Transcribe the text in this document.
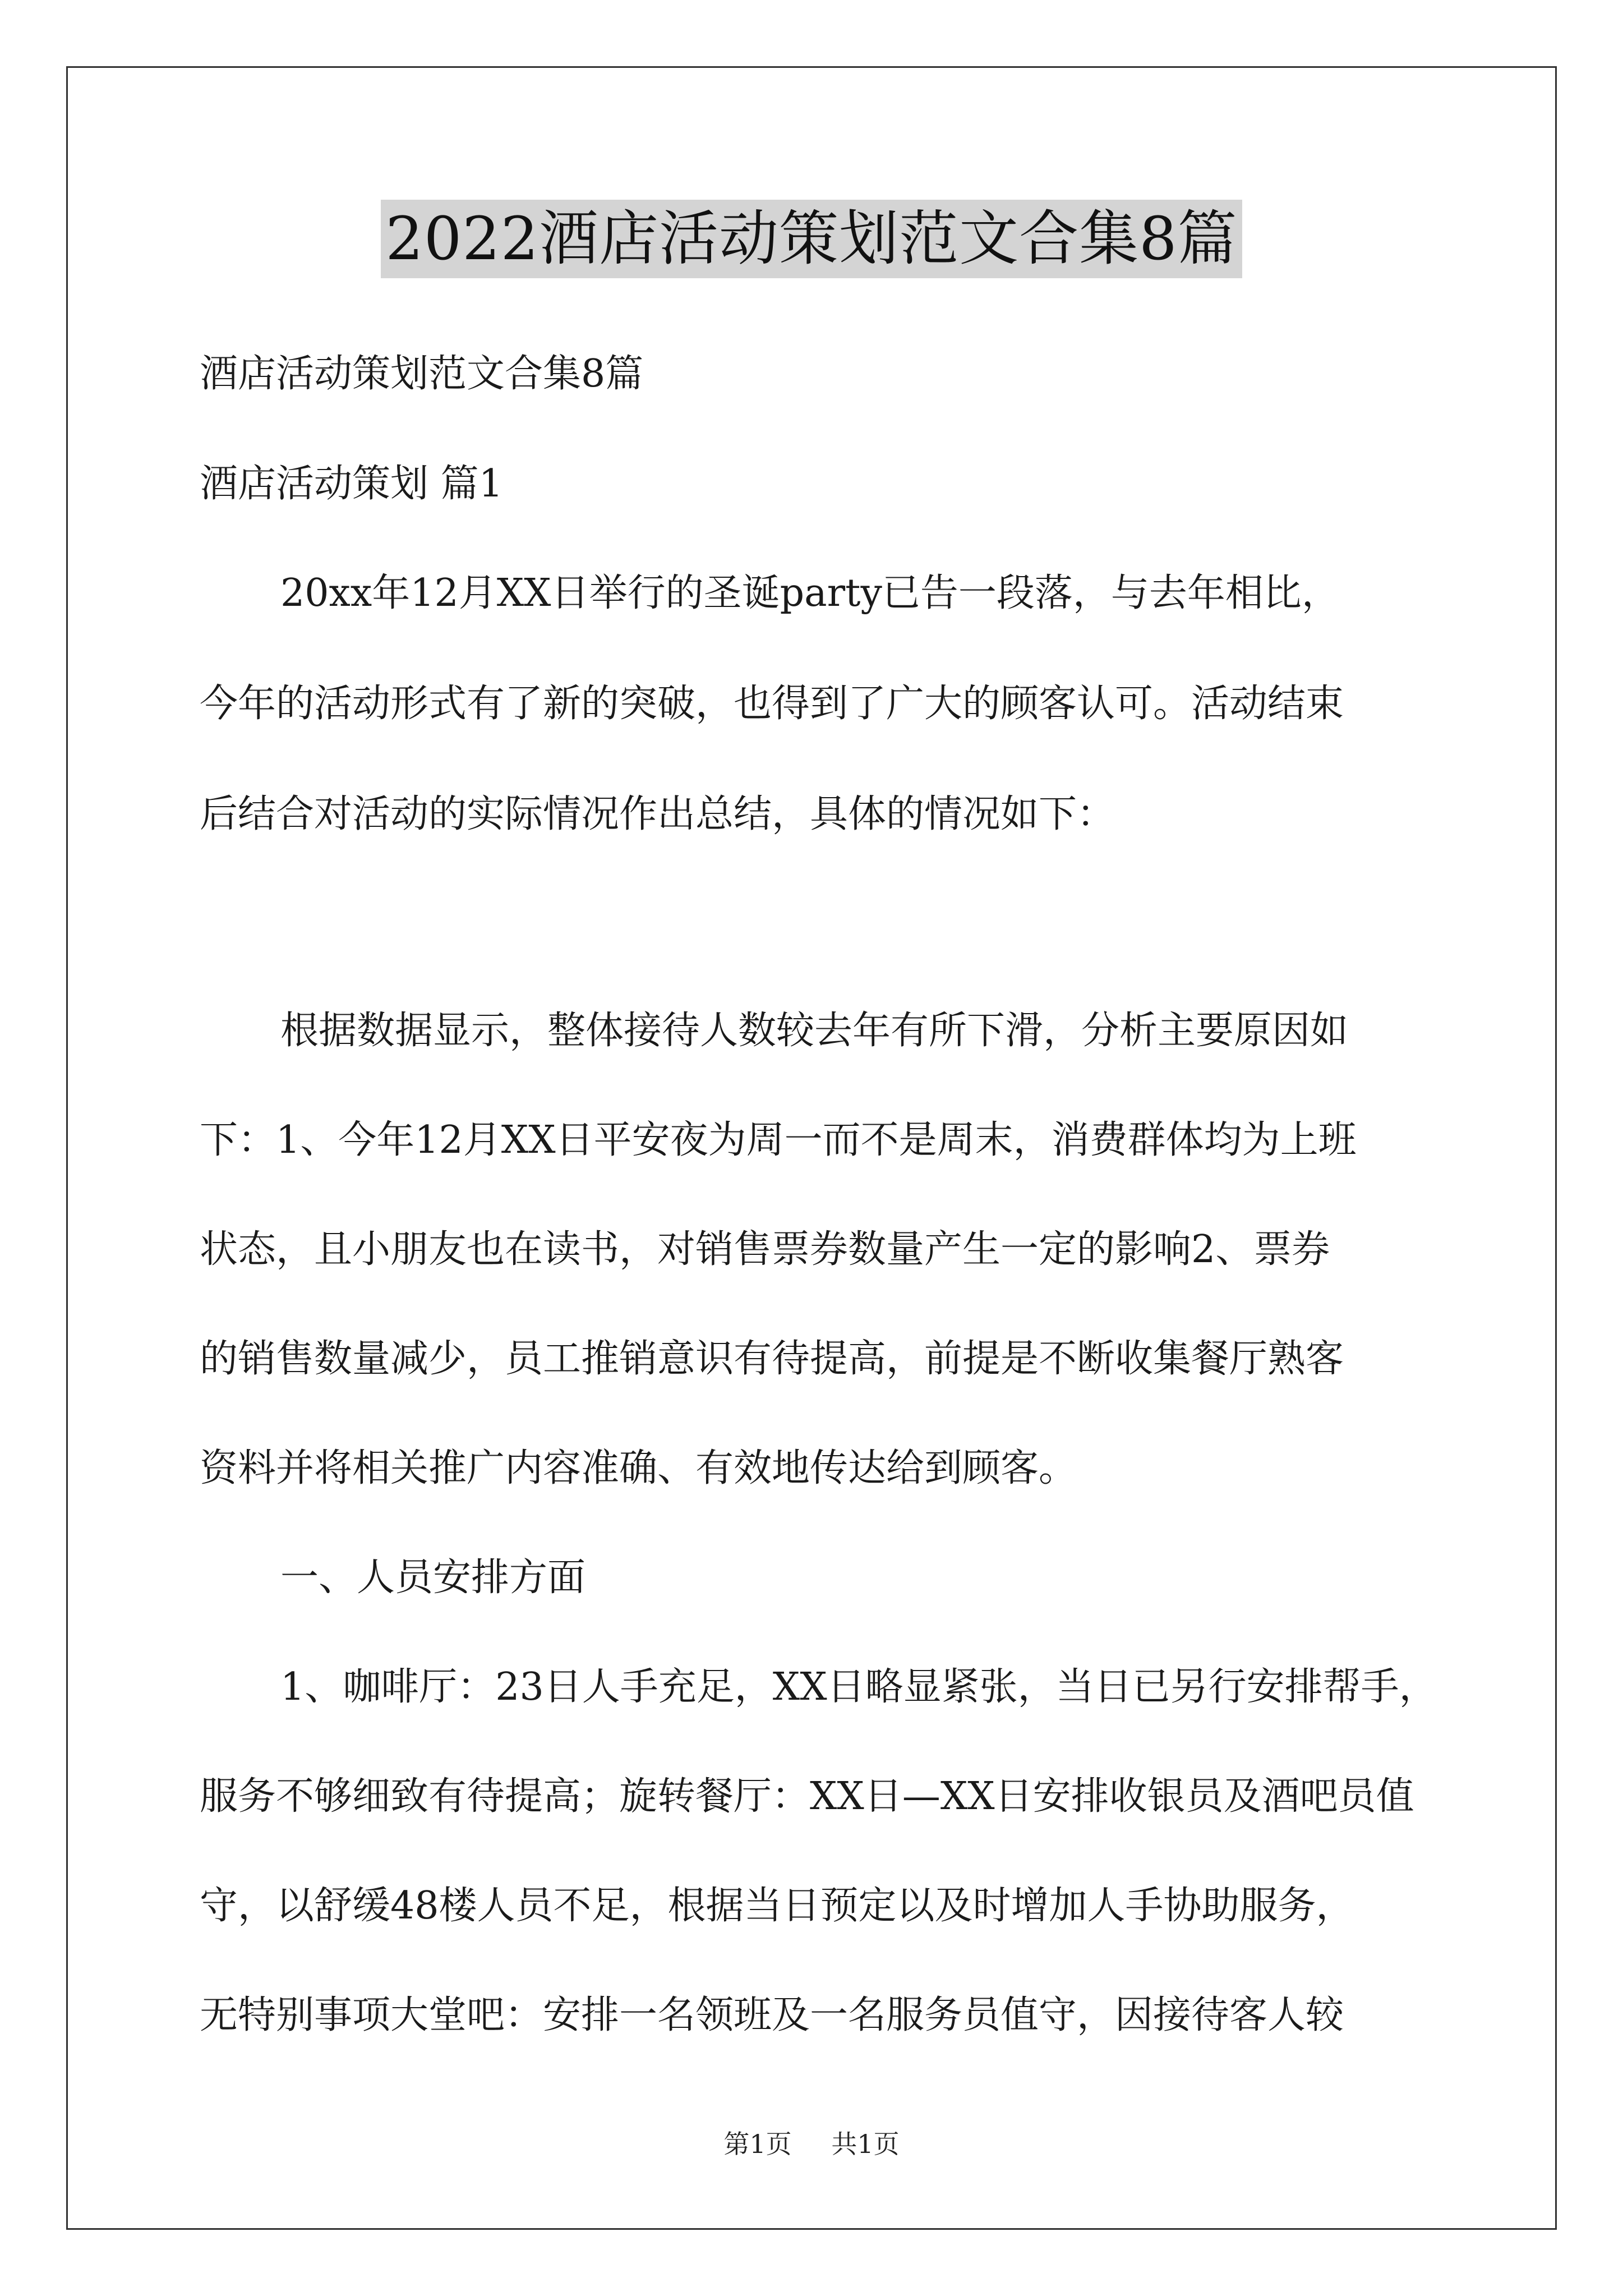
2022酒店活动策划范文合集8篇
酒店活动策划范文合集8篇
酒店活动策划 篇1
20xx年12月XX日举行的圣诞party已告一段落，与去年相比，
今年的活动形式有了新的突破，也得到了广大的顾客认可。活动结束
后结合对活动的实际情况作出总结，具体的情况如下：
根据数据显示，整体接待人数较去年有所下滑，分析主要原因如
下：1、今年12月XX日平安夜为周一而不是周末，消费群体均为上班
状态，且小朋友也在读书，对销售票券数量产生一定的影响2、票券
的销售数量减少，员工推销意识有待提高，前提是不断收集餐厅熟客
资料并将相关推广内容准确、有效地传达给到顾客。
一、人员安排方面
1、咖啡厅：23日人手充足，XX日略显紧张，当日已另行安排帮手，
服务不够细致有待提高；旋转餐厅：XX日—XX日安排收银员及酒吧员值
守，以舒缓48楼人员不足，根据当日预定以及时增加人手协助服务，
无特别事项大堂吧：安排一名领班及一名服务员值守，因接待客人较
第1页 共1页
